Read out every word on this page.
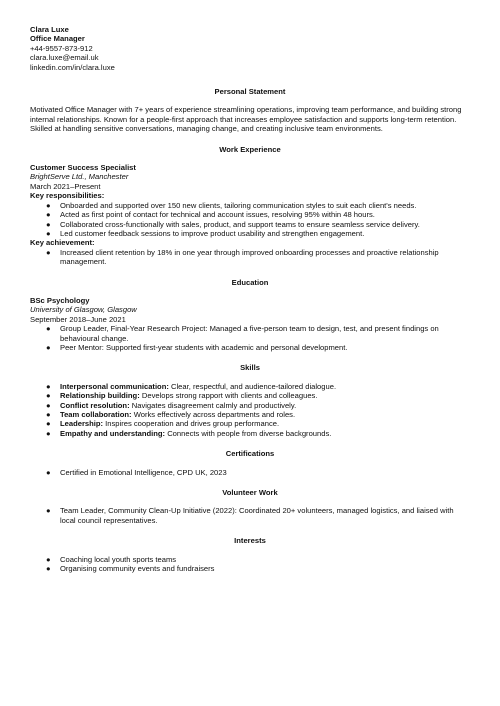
Clara Luxe
Office Manager
+44-9557-873-912
clara.luxe@email.uk
linkedin.com/in/clara.luxe
Personal Statement

Motivated Office Manager with 7+ years of experience streamlining operations, improving team performance, and building strong internal relationships. Known for a people-first approach that increases employee satisfaction and supports long-term retention. Skilled at handling sensitive conversations, managing change, and creating inclusive team environments.

Work Experience
Customer Success Specialist
BrightServe Ltd., Manchester
March 2021–Present
Key responsibilities:
● Onboarded and supported over 150 new clients, tailoring communication styles to suit each client's needs.
● Acted as first point of contact for technical and account issues, resolving 95% within 48 hours.
● Collaborated cross-functionally with sales, product, and support teams to ensure seamless service delivery.
● Led customer feedback sessions to improve product usability and strengthen engagement.
Key achievement:
● Increased client retention by 18% in one year through improved onboarding processes and proactive relationship management.
Education
BSc Psychology
University of Glasgow, Glasgow
September 2018–June 2021
● Group Leader, Final-Year Research Project: Managed a five-person team to design, test, and present findings on behavioural change.
● Peer Mentor: Supported first-year students with academic and personal development.
Skills
● Interpersonal communication: Clear, respectful, and audience-tailored dialogue.
● Relationship building: Develops strong rapport with clients and colleagues.
● Conflict resolution: Navigates disagreement calmly and productively.
● Team collaboration: Works effectively across departments and roles.
● Leadership: Inspires cooperation and drives group performance.
● Empathy and understanding: Connects with people from diverse backgrounds.
Certifications
● Certified in Emotional Intelligence, CPD UK, 2023
Volunteer Work
● Team Leader, Community Clean-Up Initiative (2022): Coordinated 20+ volunteers, managed logistics, and liaised with local council representatives.
Interests
● Coaching local youth sports teams
● Organising community events and fundraisers
